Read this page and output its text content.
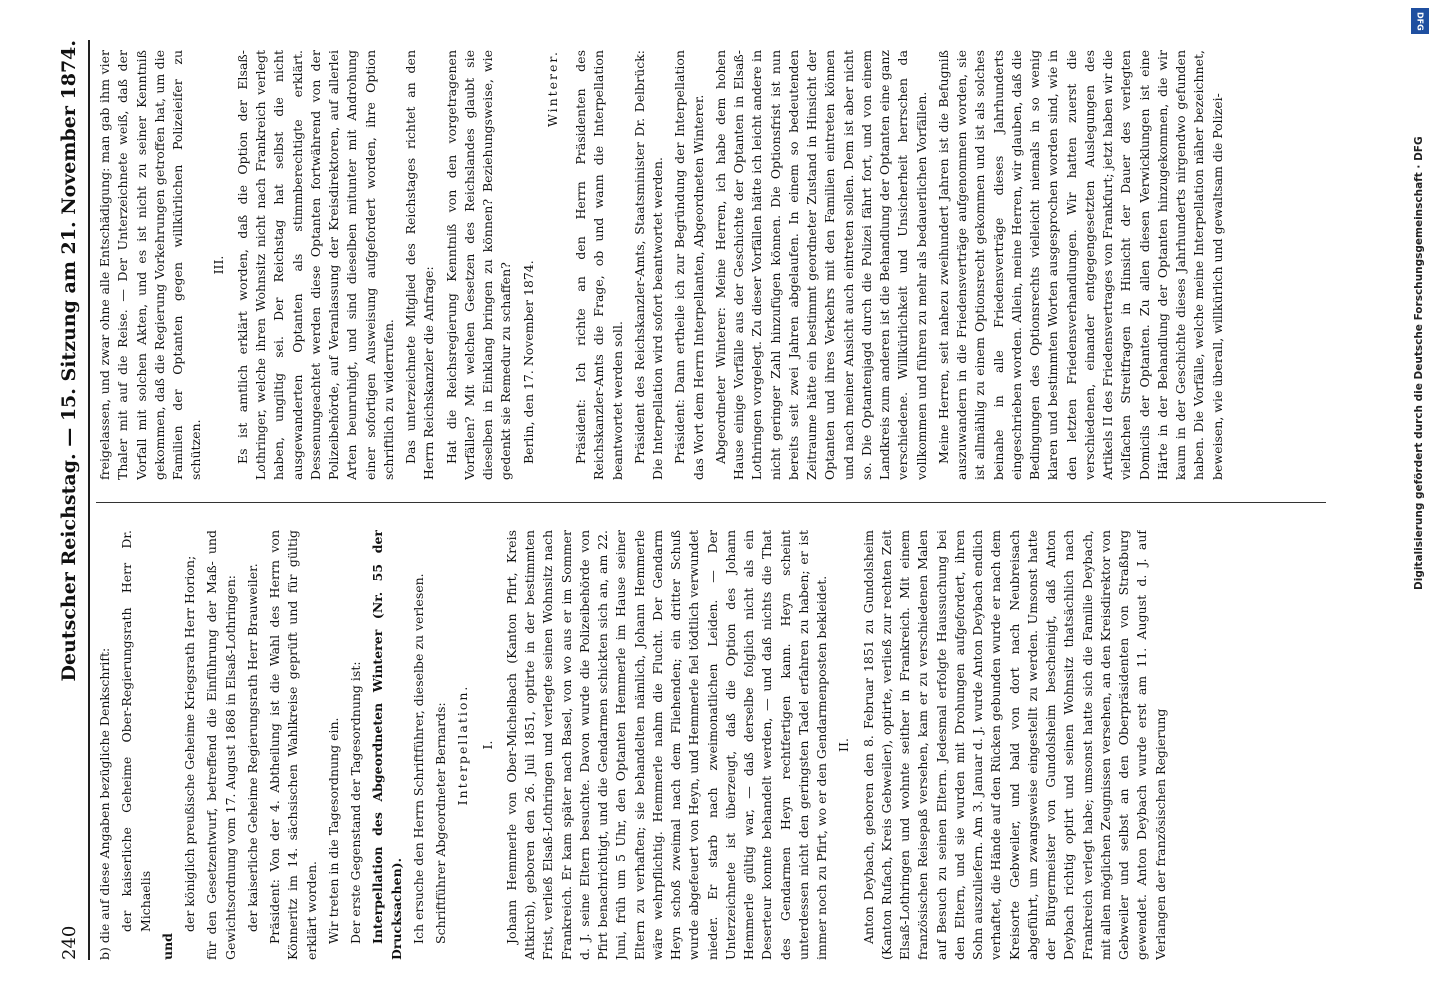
240
Deutscher Reichstag. — 15. Sitzung am 21. November 1874.

b) die auf diese Angaben bezügliche Denkschrift: der kaiserliche Geheime Ober-Regierungsrath Herr Dr. Michaelis

und

der königlich preußische Geheime Kriegsrath Herr Horion; für den Gesetzentwurf, betreffend die Einführung der Maß- und Gewichtsordnung vom 17. August 1868 in Elsaß-Lothringen: der kaiserliche Geheime Regierungsrath Herr Brauweiler. Präsident: Von der 4. Abtheilung ist die Wahl des Herrn von Könneritz im 14. sächsischen Wahlkreise geprüft und für gültig erklärt worden. Wir treten in die Tagesordnung ein. Der erste Gegenstand der Tagesordnung ist: Interpellation des Abgeordneten Winterer (Nr. 55 der Drucksachen). Ich ersuche den Herrn Schriftführer, dieselbe zu verlesen. Schriftführer Abgeordneter Bernards: Interpellation. I. Johann Hemmerle von Ober-Michelbach (Kanton Pfirt, Kreis Altkirch), geboren den 26. Juli 1851, optirte in der bestimmten Frist, verließ Elsaß-Lothringen und verlegte seinen Wohnsitz nach Frankreich. Er kam später nach Basel, von wo aus er im Sommer d. J. seine Eltern besuchte. Davon wurde die Polizeibehörde von Pfirt benachrichtigt, und die Gendarmen schickten sich an, am 22. Juni, früh um 5 Uhr, den Optanten Hemmerle im Hause seiner Eltern zu verhaften; sie behandelten nämlich, Johann Hemmerle wäre wehrpflichtig. Hemmerle nahm die Flucht. Der Gendarm Heyn schoß zweimal nach dem Fliehenden; ein dritter Schuß wurde abgefeuert von Heyn, und Hemmerle fiel tödtlich verwundet nieder. Er starb nach zweimonatlichen Leiden. — Der Unterzeichnete ist überzeugt, daß die Option des Johann Hemmerle gültig war, — daß derselbe folglich nicht als ein Deserteur konnte behandelt werden, — und daß nichts die That des Gendarmen Heyn rechtfertigen kann. Heyn scheint unterdessen nicht den geringsten Tadel erfahren zu haben; er ist immer noch zu Pfirt, wo er den Gendarmenposten bekleidet. II. Anton Deybach, geboren den 8. Februar 1851 zu Gundolsheim (Kanton Rufach, Kreis Gebweiler), optirte, verließ zur rechten Zeit Elsaß-Lothringen und wohnte seither in Frankreich. Mit einem französischen Reisepaß versehen, kam er zu verschiedenen Malen auf Besuch zu seinen Eltern. Jedesmal erfolgte Haussuchung bei den Eltern, und sie wurden mit Drohungen aufgefordert, ihren Sohn auszuliefern. Am 3. Januar d. J. wurde Anton Deybach endlich verhaftet, die Hände auf den Rücken gebunden wurde er nach dem Kreisorte Gebweiler, und bald von dort nach Neubreisach abgeführt, um zwangsweise eingestellt zu werden. Umsonst hatte der Bürgermeister von Gundolsheim bescheinigt, daß Anton Deybach richtig optirt und seinen Wohnsitz thatsächlich nach Frankreich verlegt habe; umsonst hatte sich die Familie Deybach, mit allen möglichen Zeugnissen versehen, an den Kreisdirektor von Gebweiler und selbst an den Oberpräsidenten von Straßburg gewendet. Anton Deybach wurde erst am 11. August d. J. auf Verlangen der französischen Regierung

freigelassen, und zwar ohne alle Entschädigung: man gab ihm vier Thaler mit auf die Reise. — Der Unterzeichnete weiß, daß der Vorfall mit solchen Akten, und es ist nicht zu seiner Kenntniß gekommen, daß die Regierung Vorkehrungen getroffen hat, um die Familien der Optanten gegen willkürlichen Polizeieifer zu schützen.

III. Es ist amtlich erklärt worden, daß die Option der Elsaß-Lothringer, welche ihren Wohnsitz nicht nach Frankreich verlegt haben, ungiltig sei. Der Reichstag hat selbst die nicht ausgewanderten Optanten als stimmberechtigte erklärt. Dessenungeachtet werden diese Optanten fortwährend von der Polizeibehörde, auf Veranlassung der Kreisdirektoren, auf allerlei Arten beunruhigt, und sind dieselben mitunter mit Androhung einer sofortigen Ausweisung aufgefordert worden, ihre Option schriftlich zu widerrufen. Das unterzeichnete Mitglied des Reichstages richtet an den Herrn Reichskanzler die Anfrage: Hat die Reichsregierung Kenntniß von den vorgetragenen Vorfällen? Mit welchen Gesetzen des Reichslandes glaubt sie dieselben in Einklang bringen zu können? Beziehungsweise, wie gedenkt sie Remedur zu schaffen? Berlin, den 17. November 1874.

Winterer. Präsident: Ich richte an den Herrn Präsidenten des Reichskanzler-Amts die Frage, ob und wann die Interpellation beantwortet werden soll. Präsident des Reichskanzler-Amts, Staatsminister Dr. Delbrück: Die Interpellation wird sofort beantwortet werden. Präsident: Dann ertheile ich zur Begründung der Interpellation das Wort dem Herrn Interpellanten, Abgeordneten Winterer. Abgeordneter Winterer: Meine Herren, ich habe dem hohen Hause einige Vorfälle aus der Geschichte der Optanten in Elsaß-Lothringen vorgelegt. Zu dieser Vorfällen hätte ich leicht andere in nicht geringer Zahl hinzufügen können. Die Optionsfrist ist nun bereits seit zwei Jahren abgelaufen. In einem so bedeutenden Zeitraume hätte ein bestimmt geordneter Zustand in Hinsicht der Optanten und ihres Verkehrs mit den Familien eintreten können und nach meiner Ansicht auch eintreten sollen. Dem ist aber nicht so. Die Optantenjagd durch die Polizei fährt fort, und von einem Landkreis zum anderen ist die Behandlung der Optanten eine ganz verschiedene. Willkürlichkeit und Unsicherheit herrschen da vollkommen und führen zu mehr als bedauerlichen Vorfällen. Meine Herren, seit nahezu zweihundert Jahren ist die Befugniß auszuwandern in die Friedensverträge aufgenommen worden, sie ist allmählig zu einem Optionsrecht gekommen und ist als solches beinahe in alle Friedensverträge dieses Jahrhunderts eingeschrieben worden. Allein, meine Herren, wir glauben, daß die Bedingungen des Optionsrechts vielleicht niemals in so wenig klaren und bestimmten Worten ausgesprochen worden sind, wie in den letzten Friedensverhandlungen. Wir hatten zuerst die verschiedenen, einander entgegengesetzten Auslegungen des Artikels II des Friedensvertrages von Frankfurt; jetzt haben wir die vielfachen Streitfragen in Hinsicht der Dauer des verlegten Domicils der Optanten. Zu allen diesen Verwicklungen ist eine Härte in der Behandlung der Optanten hinzugekommen, die wir kaum in der Geschichte dieses Jahrhunderts nirgendwo gefunden haben. Die Vorfälle, welche meine Interpellation näher bezeichnet, beweisen, wie überall, willkürlich und gewaltsam die Polizei-	Digitalisierung gefördert durch die Deutsche Forschungsgemeinschaft · DFG
DFG
